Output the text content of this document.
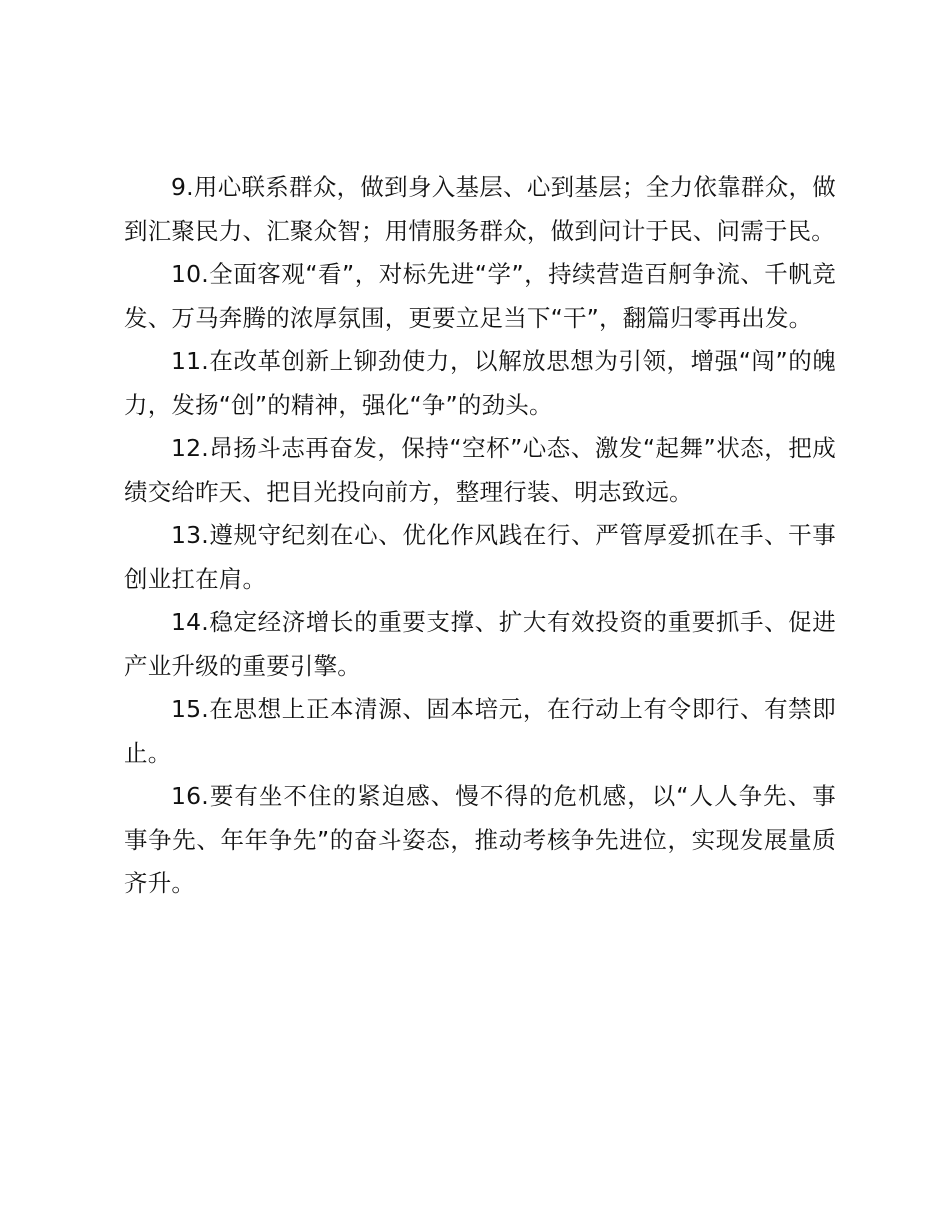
9.用心联系群众，做到身入基层、心到基层；全力依靠群众，做到汇聚民力、汇聚众智；用情服务群众，做到问计于民、问需于民。

10.全面客观“看”，对标先进“学”，持续营造百舸争流、千帆竞发、万马奔腾的浓厚氛围，更要立足当下“干”，翻篇归零再出发。

11.在改革创新上铆劲使力，以解放思想为引领，增强“闯”的魄力，发扬“创”的精神，强化“争”的劲头。

12.昂扬斗志再奋发，保持“空杯”心态、激发“起舞”状态，把成绩交给昨天、把目光投向前方，整理行装、明志致远。

13.遵规守纪刻在心、优化作风践在行、严管厚爱抓在手、干事创业扛在肩。

14.稳定经济增长的重要支撑、扩大有效投资的重要抓手、促进产业升级的重要引擎。

15.在思想上正本清源、固本培元，在行动上有令即行、有禁即止。

16.要有坐不住的紧迫感、慢不得的危机感，以“人人争先、事事争先、年年争先”的奋斗姿态，推动考核争先进位，实现发展量质齐升。
